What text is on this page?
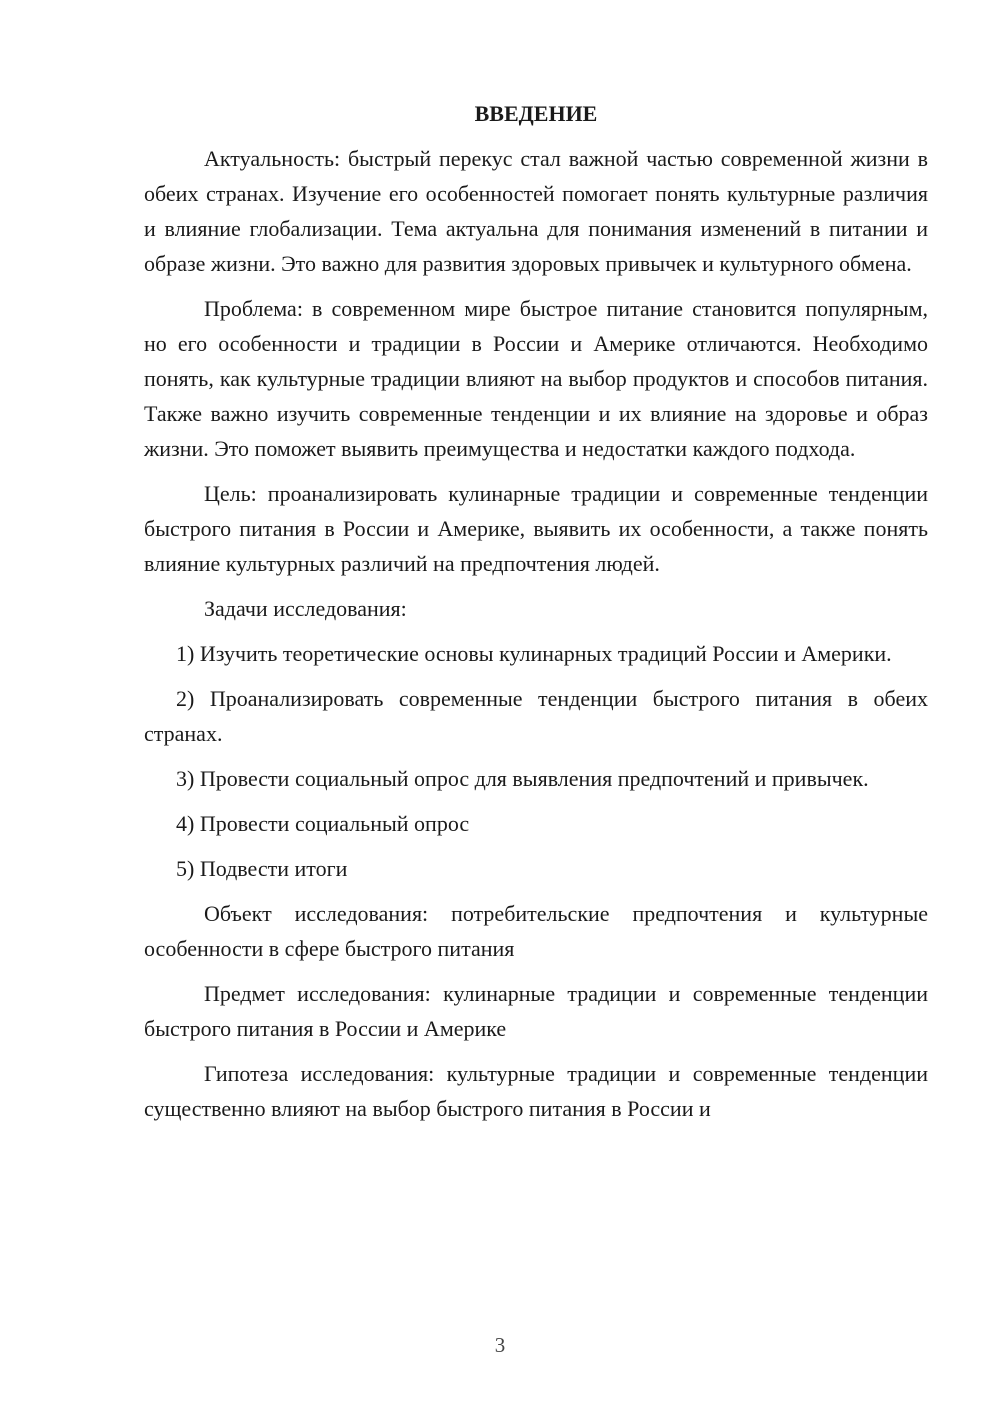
ВВЕДЕНИЕ

Актуальность: быстрый перекус стал важной частью современной жизни в обеих странах. Изучение его особенностей помогает понять культурные различия и влияние глобализации. Тема актуальна для понимания изменений в питании и образе жизни. Это важно для развития здоровых привычек и культурного обмена.

Проблема: в современном мире быстрое питание становится популярным, но его особенности и традиции в России и Америке отличаются. Необходимо понять, как культурные традиции влияют на выбор продуктов и способов питания. Также важно изучить современные тенденции и их влияние на здоровье и образ жизни. Это поможет выявить преимущества и недостатки каждого подхода.

Цель: проанализировать кулинарные традиции и современные тенденции быстрого питания в России и Америке, выявить их особенности, а также понять влияние культурных различий на предпочтения людей.

Задачи исследования:

1) Изучить теоретические основы кулинарных традиций России и Америки.

2) Проанализировать современные тенденции быстрого питания в обеих странах.

3) Провести социальный опрос для выявления предпочтений и привычек.

4) Провести социальный опрос

5) Подвести итоги

Объект исследования: потребительские предпочтения и культурные особенности в сфере быстрого питания

Предмет исследования: кулинарные традиции и современные тенденции быстрого питания в России и Америке

Гипотеза исследования: культурные традиции и современные тенденции существенно влияют на выбор быстрого питания в России и

3
